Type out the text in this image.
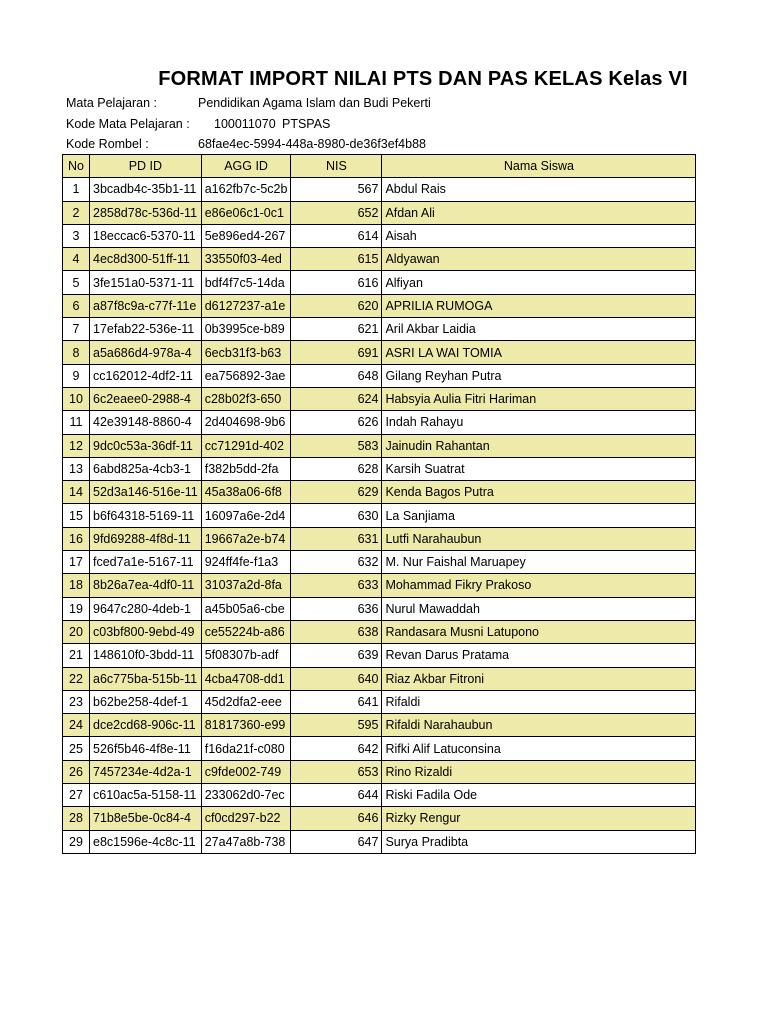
FORMAT IMPORT NILAI PTS DAN PAS KELAS Kelas VI
Mata Pelajaran :	Pendidikan Agama Islam dan Budi Pekerti
Kode Mata Pelajaran : 100011070 PTSPAS
Kode Rombel :	68fae4ec-5994-448a-8980-de36f3ef4b88
No	PD ID	AGG ID	NIS	Nama Siswa
1	3bcadb4c-35b1-11	a162fb7c-5c2b	567	Abdul Rais
2	2858d78c-536d-11	e86e06c1-0c1	652	Afdan Ali
3	18eccac6-5370-11	5e896ed4-267	614	Aisah
4	4ec8d300-51ff-11	33550f03-4ed	615	Aldyawan
5	3fe151a0-5371-11	bdf4f7c5-14da	616	Alfiyan
6	a87f8c9a-c77f-11e	d6127237-a1e	620	APRILIA RUMOGA
7	17efab22-536e-11	0b3995ce-b89	621	Aril Akbar Laidia
8	a5a686d4-978a-4	6ecb31f3-b63	691	ASRI LA WAI TOMIA
9	cc162012-4df2-11	ea756892-3ae	648	Gilang Reyhan Putra
10	6c2eaee0-2988-4	c28b02f3-650	624	Habsyia Aulia Fitri Hariman
11	42e39148-8860-4	2d404698-9b6	626	Indah Rahayu
12	9dc0c53a-36df-11	cc71291d-402	583	Jainudin Rahantan
13	6abd825a-4cb3-1	f382b5dd-2fa	628	Karsih Suatrat
14	52d3a146-516e-11	45a38a06-6f8	629	Kenda Bagos Putra
15	b6f64318-5169-11	16097a6e-2d4	630	La Sanjiama
16	9fd69288-4f8d-11	19667a2e-b74	631	Lutfi Narahaubun
17	fced7a1e-5167-11	924ff4fe-f1a3	632	M. Nur Faishal Maruapey
18	8b26a7ea-4df0-11	31037a2d-8fa	633	Mohammad Fikry Prakoso
19	9647c280-4deb-1	a45b05a6-cbe	636	Nurul Mawaddah
20	c03bf800-9ebd-49	ce55224b-a86	638	Randasara Musni Latupono
21	148610f0-3bdd-11	5f08307b-adf	639	Revan Darus Pratama
22	a6c775ba-515b-11	4cba4708-dd1	640	Riaz Akbar Fitroni
23	b62be258-4def-1	45d2dfa2-eee	641	Rifaldi
24	dce2cd68-906c-11	81817360-e99	595	Rifaldi Narahaubun
25	526f5b46-4f8e-11	f16da21f-c080	642	Rifki Alif Latuconsina
26	7457234e-4d2a-1	c9fde002-749	653	Rino Rizaldi
27	c610ac5a-5158-11	233062d0-7ec	644	Riski Fadila Ode
28	71b8e5be-0c84-4	cf0cd297-b22	646	Rizky Rengur
29	e8c1596e-4c8c-11	27a47a8b-738	647	Surya Pradibta
